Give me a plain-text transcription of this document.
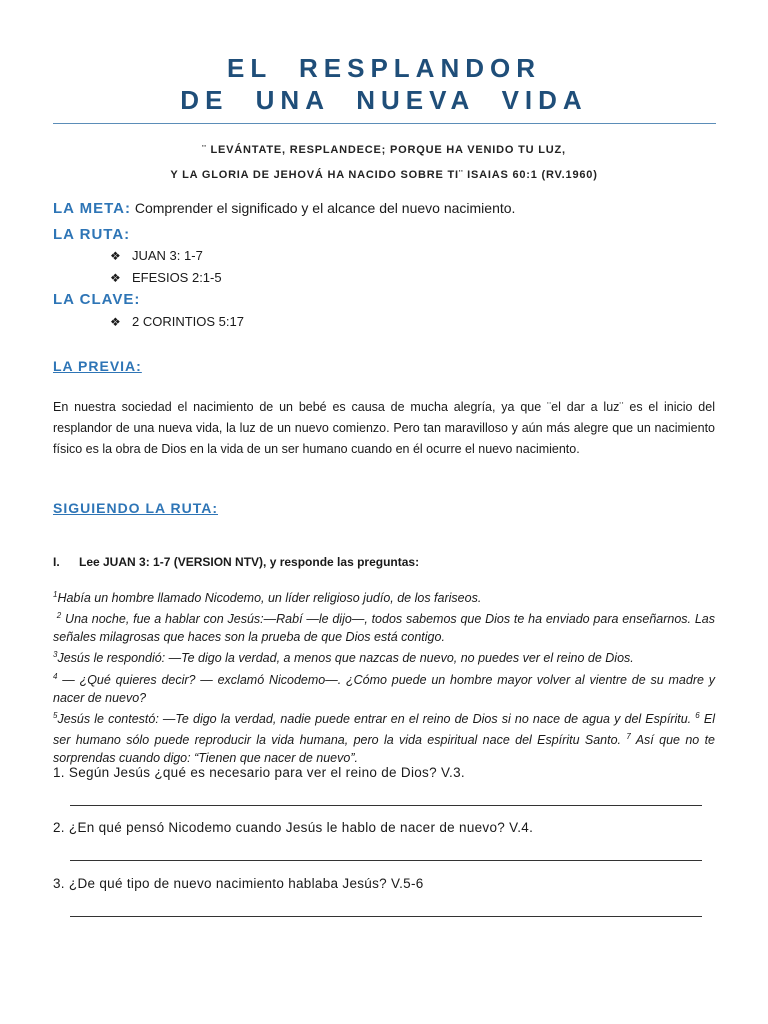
EL RESPLANDOR
DE UNA NUEVA VIDA
¨ LEVÁNTATE, RESPLANDECE; PORQUE HA VENIDO TU LUZ,
Y LA GLORIA DE JEHOVÁ HA NACIDO SOBRE TI¨ ISAIAS 60:1 (RV.1960)
LA META: Comprender el significado y el alcance del nuevo nacimiento.
LA RUTA:
❖ JUAN 3: 1-7
❖ EFESIOS 2:1-5
LA CLAVE:
❖ 2 CORINTIOS 5:17
LA PREVIA:
En nuestra sociedad el nacimiento de un bebé es causa de mucha alegría, ya que ¨el dar a luz¨ es el inicio del resplandor de una nueva vida, la luz de un nuevo comienzo. Pero tan maravilloso y aún más alegre que un nacimiento físico es la obra de Dios en la vida de un ser humano cuando en él ocurre el nuevo nacimiento.
SIGUIENDO LA RUTA:
I. Lee JUAN 3: 1-7 (VERSION NTV), y responde las preguntas:
$^1$Había un hombre llamado Nicodemo, un líder religioso judío, de los fariseos.
$^2$ Una noche, fue a hablar con Jesús:—Rabí —le dijo—, todos sabemos que Dios te ha enviado para enseñarnos. Las señales milagrosas que haces son la prueba de que Dios está contigo.
$^3$Jesús le respondió: —Te digo la verdad, a menos que nazcas de nuevo, no puedes ver el reino de Dios.
$^4$ — ¿Qué quieres decir? — exclamó Nicodemo—. ¿Cómo puede un hombre mayor volver al vientre de su madre y nacer de nuevo?
$^5$Jesús le contestó: —Te digo la verdad, nadie puede entrar en el reino de Dios si no nace de agua y del Espíritu. $^6$ El ser humano sólo puede reproducir la vida humana, pero la vida espiritual nace del Espíritu Santo. $^7$ Así que no te sorprendas cuando digo: “Tienen que nacer de nuevo”.
1. Según Jesús ¿qué es necesario para ver el reino de Dios? V.3.
2. ¿En qué pensó Nicodemo cuando Jesús le hablo de nacer de nuevo? V.4.
3. ¿De qué tipo de nuevo nacimiento hablaba Jesús? V.5-6
